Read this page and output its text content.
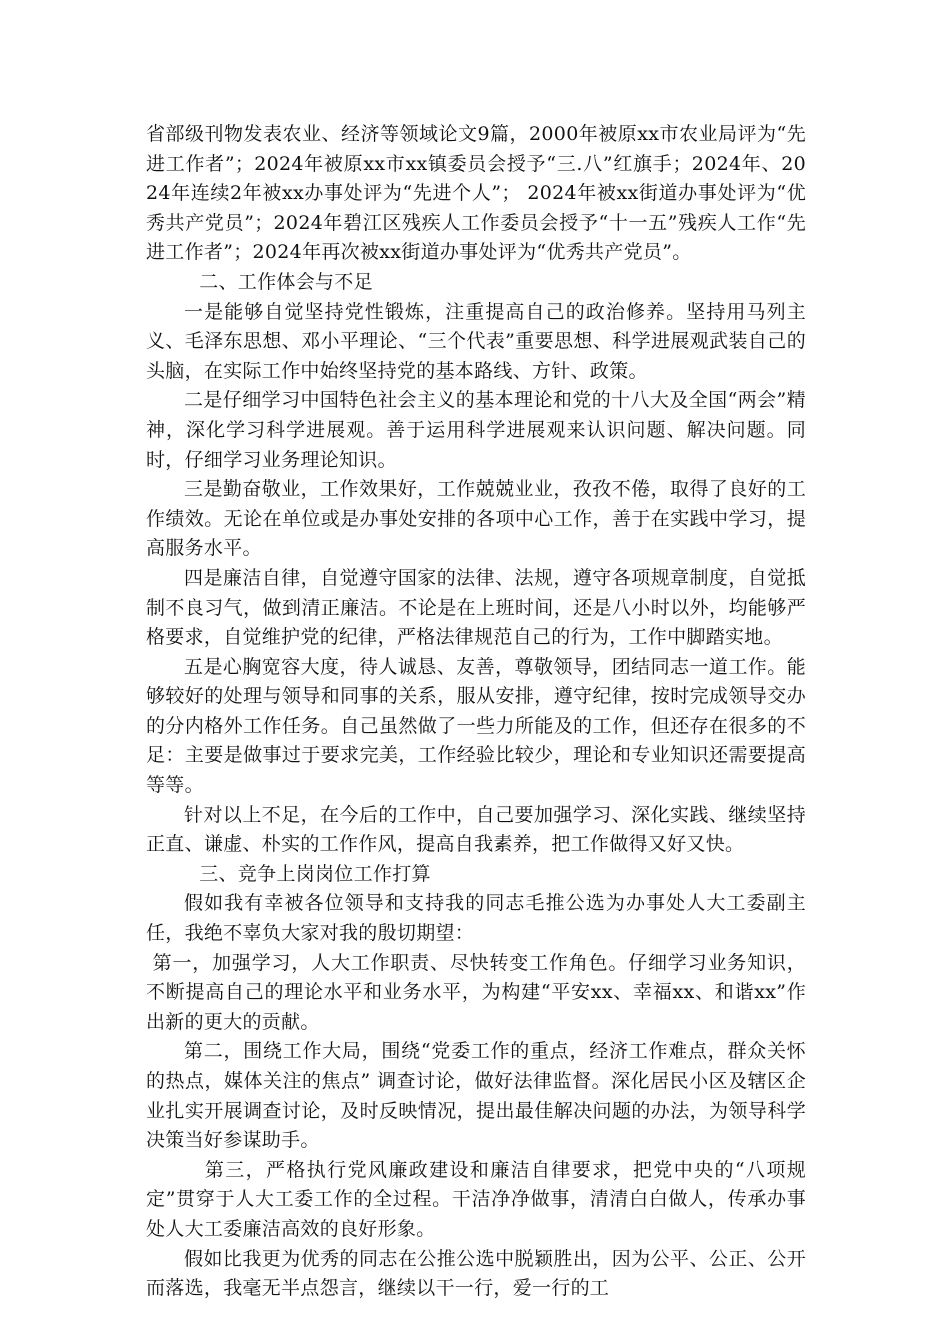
省部级刊物发表农业、经济等领域论文9篇，2000年被原xx市农业局评为“先进工作者”；2024年被原xx市xx镇委员会授予“三.八”红旗手；2024年、2024年连续2年被xx办事处评为“先进个人”； 2024年被xx街道办事处评为“优秀共产党员”；2024年碧江区残疾人工作委员会授予“十一五”残疾人工作“先进工作者”；2024年再次被xx街道办事处评为“优秀共产党员”。

二、工作体会与不足

一是能够自觉坚持党性锻炼，注重提高自己的政治修养。坚持用马列主义、毛泽东思想、邓小平理论、“三个代表”重要思想、科学进展观武装自己的头脑，在实际工作中始终坚持党的基本路线、方针、政策。

二是仔细学习中国特色社会主义的基本理论和党的十八大及全国“两会”精神，深化学习科学进展观。善于运用科学进展观来认识问题、解决问题。同时，仔细学习业务理论知识。

三是勤奋敬业，工作效果好，工作兢兢业业，孜孜不倦，取得了良好的工作绩效。无论在单位或是办事处安排的各项中心工作，善于在实践中学习，提高服务水平。

四是廉洁自律，自觉遵守国家的法律、法规，遵守各项规章制度，自觉抵制不良习气，做到清正廉洁。不论是在上班时间，还是八小时以外，均能够严格要求，自觉维护党的纪律，严格法律规范自己的行为，工作中脚踏实地。

五是心胸宽容大度，待人诚恳、友善，尊敬领导，团结同志一道工作。能够较好的处理与领导和同事的关系，服从安排，遵守纪律，按时完成领导交办的分内格外工作任务。自己虽然做了一些力所能及的工作，但还存在很多的不足：主要是做事过于要求完美，工作经验比较少，理论和专业知识还需要提高等等。

针对以上不足，在今后的工作中，自己要加强学习、深化实践、继续坚持正直、谦虚、朴实的工作作风，提高自我素养，把工作做得又好又快。

三、竞争上岗岗位工作打算

假如我有幸被各位领导和支持我的同志毛推公选为办事处人大工委副主任，我绝不辜负大家对我的殷切期望：

第一，加强学习，人大工作职责、尽快转变工作角色。仔细学习业务知识，不断提高自己的理论水平和业务水平，为构建“平安xx、幸福xx、和谐xx”作出新的更大的贡献。

第二，围绕工作大局，围绕“党委工作的重点，经济工作难点，群众关怀的热点，媒体关注的焦点” 调查讨论，做好法律监督。深化居民小区及辖区企业扎实开展调查讨论，及时反映情况，提出最佳解决问题的办法，为领导科学决策当好参谋助手。

第三，严格执行党风廉政建设和廉洁自律要求，把党中央的“八项规定”贯穿于人大工委工作的全过程。干洁净净做事，清清白白做人，传承办事处人大工委廉洁高效的良好形象。

假如比我更为优秀的同志在公推公选中脱颖胜出，因为公平、公正、公开而落选，我毫无半点怨言，继续以干一行，爱一行的工
